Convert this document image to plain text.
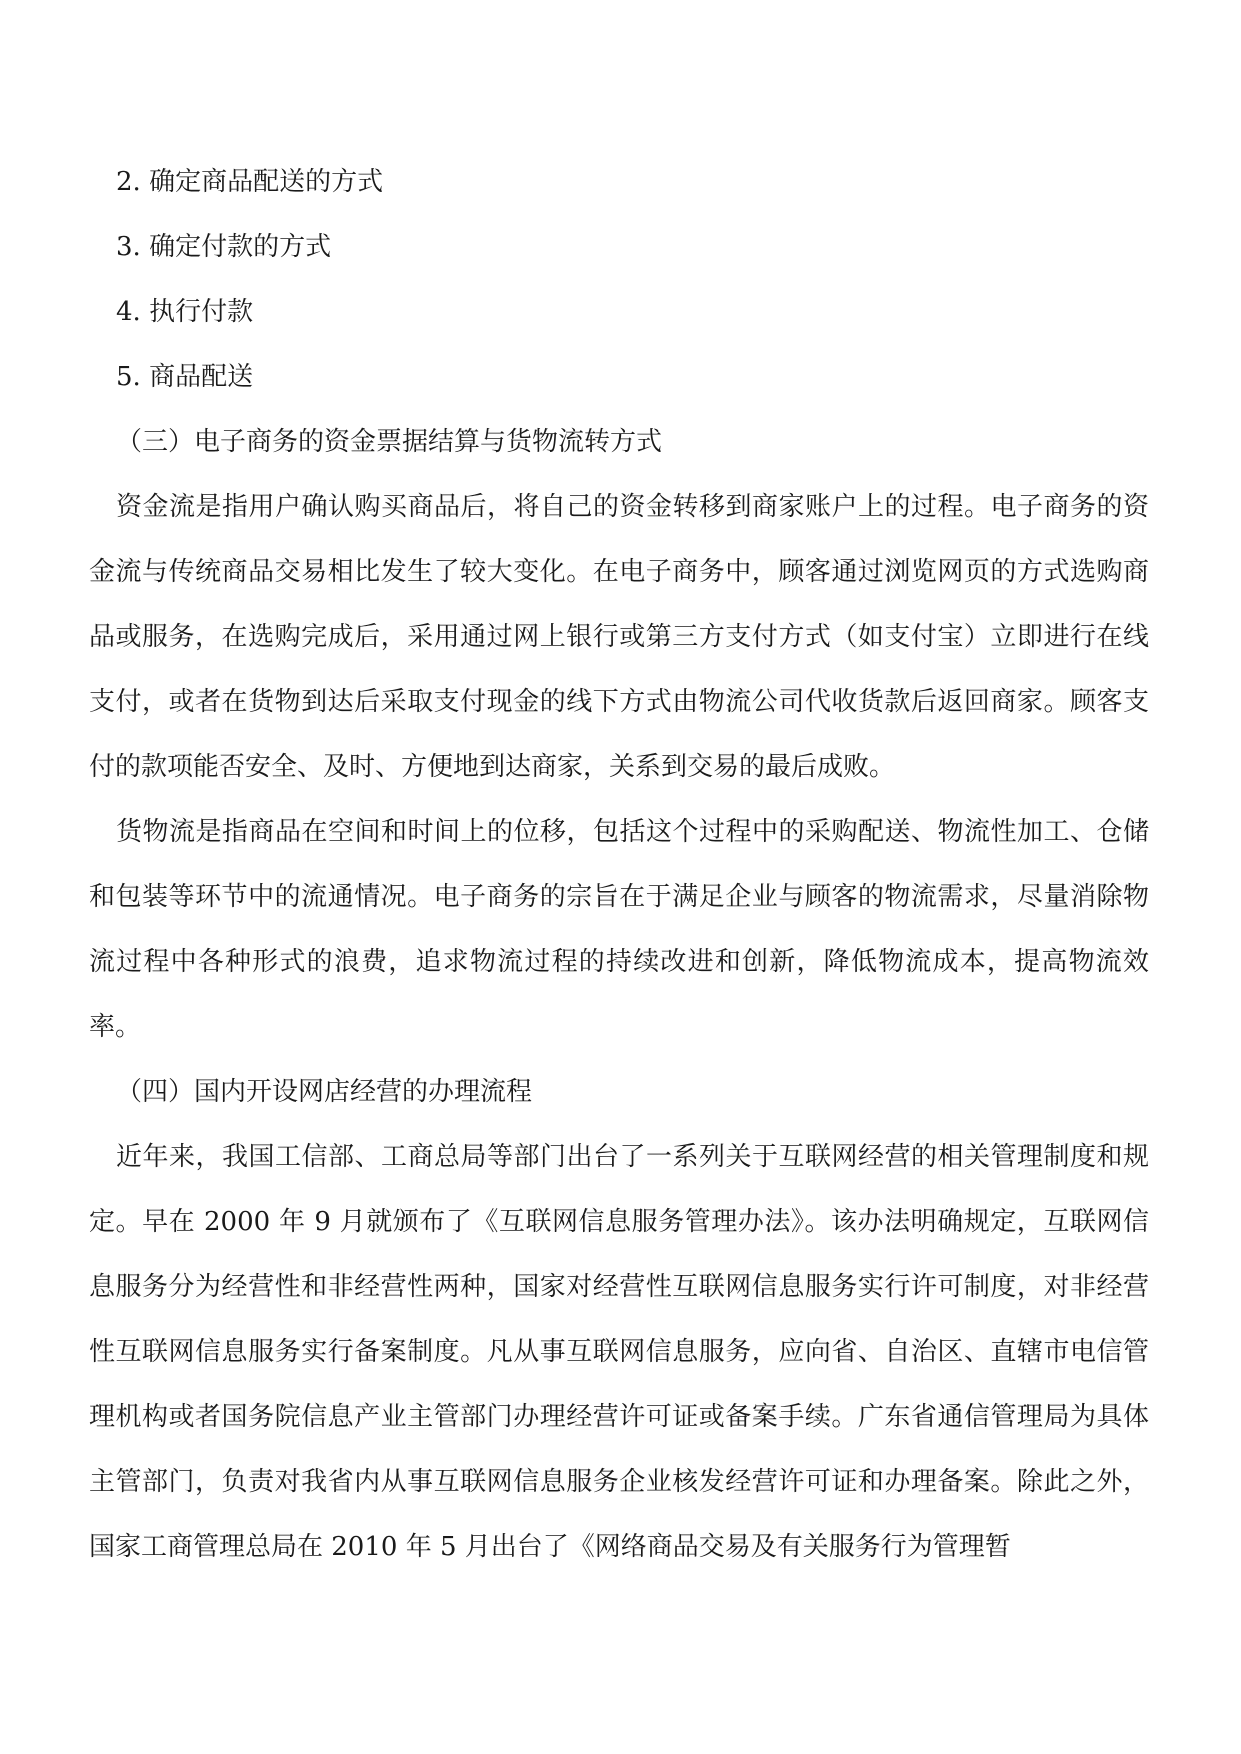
2. 确定商品配送的方式

3. 确定付款的方式

4. 执行付款

5. 商品配送

（三）电子商务的资金票据结算与货物流转方式

资金流是指用户确认购买商品后，将自己的资金转移到商家账户上的过程。电子商务的资金流与传统商品交易相比发生了较大变化。在电子商务中，顾客通过浏览网页的方式选购商品或服务，在选购完成后，采用通过网上银行或第三方支付方式（如支付宝）立即进行在线支付，或者在货物到达后采取支付现金的线下方式由物流公司代收货款后返回商家。顾客支付的款项能否安全、及时、方便地到达商家，关系到交易的最后成败。

货物流是指商品在空间和时间上的位移，包括这个过程中的采购配送、物流性加工、仓储和包装等环节中的流通情况。电子商务的宗旨在于满足企业与顾客的物流需求，尽量消除物流过程中各种形式的浪费，追求物流过程的持续改进和创新，降低物流成本，提高物流效率。

（四）国内开设网店经营的办理流程

近年来，我国工信部、工商总局等部门出台了一系列关于互联网经营的相关管理制度和规定。早在 2000 年 9 月就颁布了《互联网信息服务管理办法》。该办法明确规定，互联网信息服务分为经营性和非经营性两种，国家对经营性互联网信息服务实行许可制度，对非经营性互联网信息服务实行备案制度。凡从事互联网信息服务，应向省、自治区、直辖市电信管理机构或者国务院信息产业主管部门办理经营许可证或备案手续。广东省通信管理局为具体主管部门，负责对我省内从事互联网信息服务企业核发经营许可证和办理备案。除此之外，国家工商管理总局在 2010 年 5 月出台了《网络商品交易及有关服务行为管理暂
